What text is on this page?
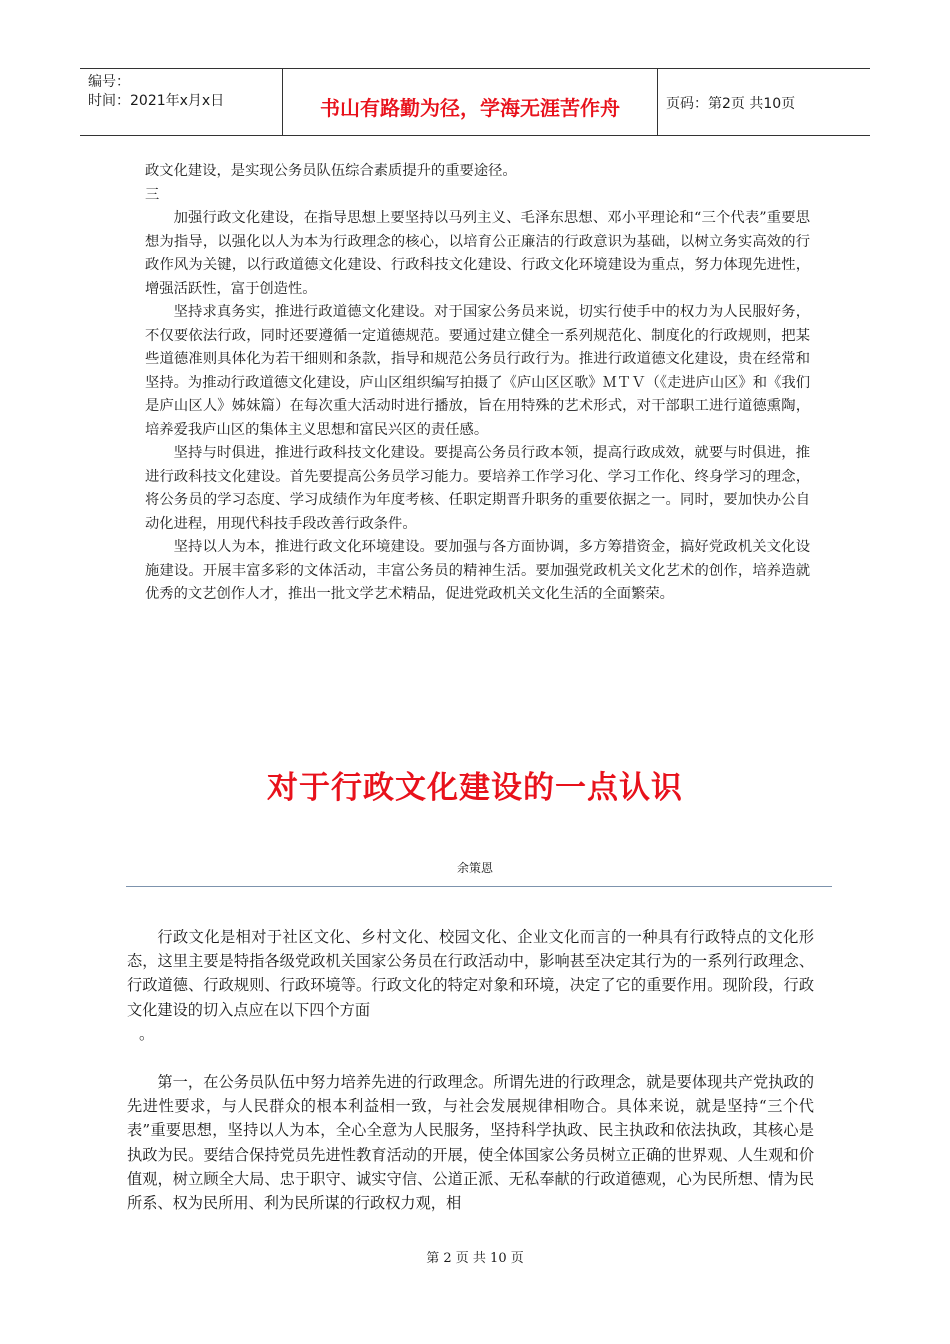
编号：
时间：2021年x月x日	书山有路勤为径，学海无涯苦作舟	页码：第2页 共10页

政文化建设，是实现公务员队伍综合素质提升的重要途径。

三

加强行政文化建设，在指导思想上要坚持以马列主义、毛泽东思想、邓小平理论和“三个代表”重要思想为指导，以强化以人为本为行政理念的核心，以培育公正廉洁的行政意识为基础，以树立务实高效的行政作风为关键，以行政道德文化建设、行政科技文化建设、行政文化环境建设为重点，努力体现先进性，增强活跃性，富于创造性。

坚持求真务实，推进行政道德文化建设。对于国家公务员来说，切实行使手中的权力为人民服好务，不仅要依法行政，同时还要遵循一定道德规范。要通过建立健全一系列规范化、制度化的行政规则，把某些道德准则具体化为若干细则和条款，指导和规范公务员行政行为。推进行政道德文化建设，贵在经常和坚持。为推动行政道德文化建设，庐山区组织编写拍摄了《庐山区区歌》ＭＴＶ（《走进庐山区》和《我们是庐山区人》姊妹篇）在每次重大活动时进行播放，旨在用特殊的艺术形式，对干部职工进行道德熏陶，培养爱我庐山区的集体主义思想和富民兴区的责任感。

坚持与时俱进，推进行政科技文化建设。要提高公务员行政本领，提高行政成效，就要与时俱进，推进行政科技文化建设。首先要提高公务员学习能力。要培养工作学习化、学习工作化、终身学习的理念，将公务员的学习态度、学习成绩作为年度考核、任职定期晋升职务的重要依据之一。同时，要加快办公自动化进程，用现代科技手段改善行政条件。

坚持以人为本，推进行政文化环境建设。要加强与各方面协调，多方筹措资金，搞好党政机关文化设施建设。开展丰富多彩的文体活动，丰富公务员的精神生活。要加强党政机关文化艺术的创作，培养造就优秀的文艺创作人才，推出一批文学艺术精品，促进党政机关文化生活的全面繁荣。

对于行政文化建设的一点认识
余策恩

行政文化是相对于社区文化、乡村文化、校园文化、企业文化而言的一种具有行政特点的文化形态，这里主要是特指各级党政机关国家公务员在行政活动中，影响甚至决定其行为的一系列行政理念、行政道德、行政规则、行政环境等。行政文化的特定对象和环境，决定了它的重要作用。现阶段，行政文化建设的切入点应在以下四个方面

。

第一，在公务员队伍中努力培养先进的行政理念。所谓先进的行政理念，就是要体现共产党执政的先进性要求，与人民群众的根本利益相一致，与社会发展规律相吻合。具体来说，就是坚持“三个代表”重要思想，坚持以人为本，全心全意为人民服务，坚持科学执政、民主执政和依法执政，其核心是执政为民。要结合保持党员先进性教育活动的开展，使全体国家公务员树立正确的世界观、人生观和价值观，树立顾全大局、忠于职守、诚实守信、公道正派、无私奉献的行政道德观，心为民所想、情为民所系、权为民所用、利为民所谋的行政权力观，相

第 2 页 共 10 页
